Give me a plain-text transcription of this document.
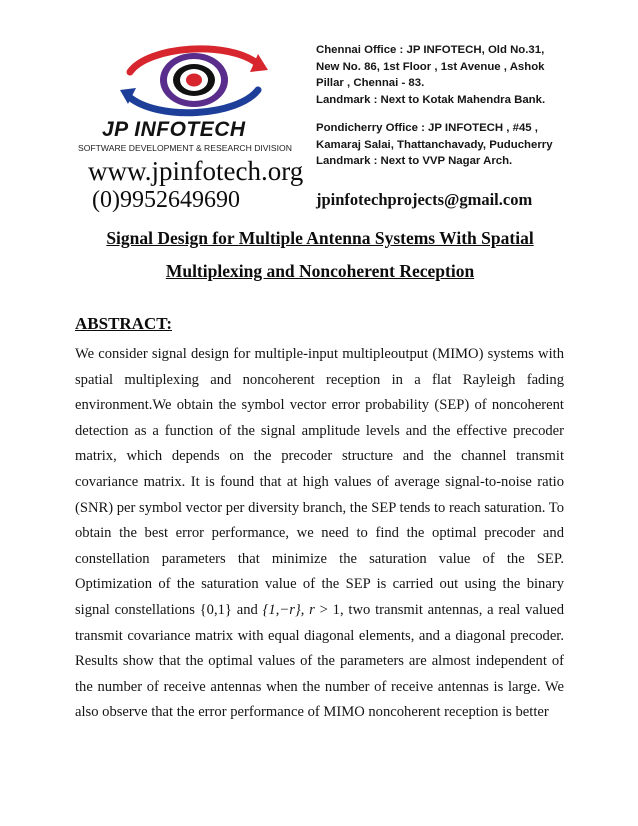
JP INFOTECH
SOFTWARE DEVELOPMENT & RESEARCH DIVISION
www.jpinfotech.org
(0)9952649690

Chennai Office : JP INFOTECH, Old No.31,

New No. 86, 1st Floor , 1st Avenue , Ashok

Pillar , Chennai - 83.

Landmark : Next to Kotak Mahendra Bank.

Pondicherry Office : JP INFOTECH , #45 ,

Kamaraj Salai, Thattanchavady, Puducherry

Landmark : Next to VVP Nagar Arch.

jpinfotechprojects@gmail.com
Signal Design for Multiple Antenna Systems With Spatial
Multiplexing and Noncoherent Reception
ABSTRACT:
We consider signal design for multiple-input multipleoutput (MIMO) systems with spatial multiplexing and noncoherent reception in a flat Rayleigh fading environment.We obtain the symbol vector error probability (SEP) of noncoherent detection as a function of the signal amplitude levels and the effective precoder matrix, which depends on the precoder structure and the channel transmit covariance matrix. It is found that at high values of average signal-to-noise ratio (SNR) per symbol vector per diversity branch, the SEP tends to reach saturation. To obtain the best error performance, we need to find the optimal precoder and constellation parameters that minimize the saturation value of the SEP. Optimization of the saturation value of the SEP is carried out using the binary signal constellations {0,1} and {1,−r}, r > 1, two transmit antennas, a real valued transmit covariance matrix with equal diagonal elements, and a diagonal precoder. Results show that the optimal values of the parameters are almost independent of the number of receive antennas when the number of receive antennas is large. We also observe that the error performance of MIMO noncoherent reception is better
